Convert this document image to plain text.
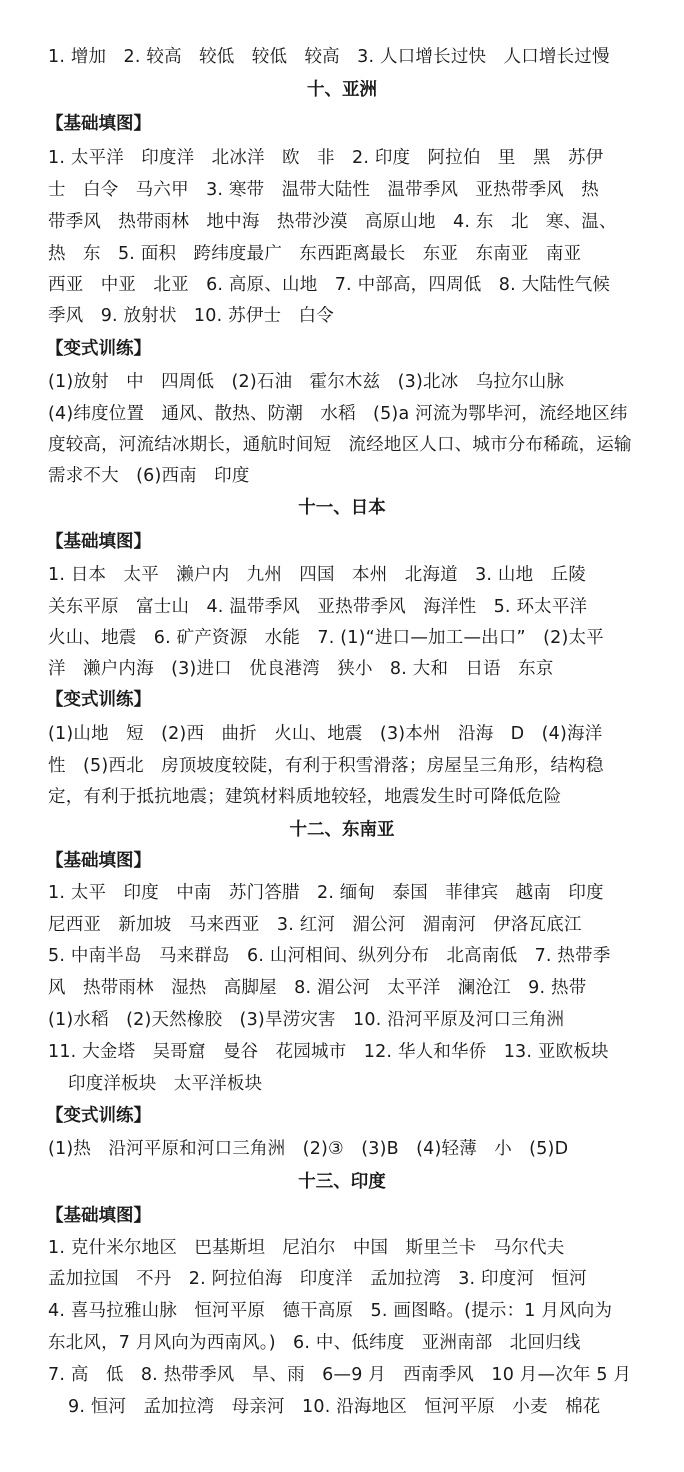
1. 增加   2. 较高   较低   较低   较高   3. 人口增长过快   人口增长过慢
十、亚洲
【基础填图】
1. 太平洋   印度洋   北冰洋   欧   非   2. 印度   阿拉伯   里   黑   苏伊
士   白令   马六甲   3. 寒带   温带大陆性   温带季风   亚热带季风   热
带季风   热带雨林   地中海   热带沙漠   高原山地   4. 东   北   寒、温、
热   东   5. 面积   跨纬度最广   东西距离最长   东亚   东南亚   南亚
西亚   中亚   北亚   6. 高原、山地   7. 中部高，四周低   8. 大陆性气候
季风   9. 放射状   10. 苏伊士   白令
【变式训练】
(1)放射   中   四周低   (2)石油   霍尔木兹   (3)北冰   乌拉尔山脉
(4)纬度位置   通风、散热、防潮   水稻   (5)a 河流为鄂毕河，流经地区纬
度较高，河流结冰期长，通航时间短   流经地区人口、城市分布稀疏，运输
需求不大   (6)西南   印度
十一、日本
【基础填图】
1. 日本   太平   濑户内   九州   四国   本州   北海道   3. 山地   丘陵
关东平原   富士山   4. 温带季风   亚热带季风   海洋性   5. 环太平洋
火山、地震   6. 矿产资源   水能   7. (1)“进口—加工—出口”   (2)太平
洋   濑户内海   (3)进口   优良港湾   狭小   8. 大和   日语   东京
【变式训练】
(1)山地   短   (2)西   曲折   火山、地震   (3)本州   沿海   D   (4)海洋
性   (5)西北   房顶坡度较陡，有利于积雪滑落；房屋呈三角形，结构稳
定，有利于抵抗地震；建筑材料质地较轻，地震发生时可降低危险
十二、东南亚
【基础填图】
1. 太平   印度   中南   苏门答腊   2. 缅甸   泰国   菲律宾   越南   印度
尼西亚   新加坡   马来西亚   3. 红河   湄公河   湄南河   伊洛瓦底江
5. 中南半岛   马来群岛   6. 山河相间、纵列分布   北高南低   7. 热带季
风   热带雨林   湿热   高脚屋   8. 湄公河   太平洋   澜沧江   9. 热带
(1)水稻   (2)天然橡胶   (3)旱涝灾害   10. 沿河平原及河口三角洲
11. 大金塔   吴哥窟   曼谷   花园城市   12. 华人和华侨   13. 亚欧板块
印度洋板块   太平洋板块
【变式训练】
(1)热   沿河平原和河口三角洲   (2)③   (3)B   (4)轻薄   小   (5)D
十三、印度
【基础填图】
1. 克什米尔地区   巴基斯坦   尼泊尔   中国   斯里兰卡   马尔代夫
孟加拉国   不丹   2. 阿拉伯海   印度洋   孟加拉湾   3. 印度河   恒河
4. 喜马拉雅山脉   恒河平原   德干高原   5. 画图略。(提示：1 月风向为
东北风，7 月风向为西南风。)   6. 中、低纬度   亚洲南部   北回归线
7. 高   低   8. 热带季风   旱、雨   6—9 月   西南季风   10 月—次年 5 月
9. 恒河   孟加拉湾   母亲河   10. 沿海地区   恒河平原   小麦   棉花
